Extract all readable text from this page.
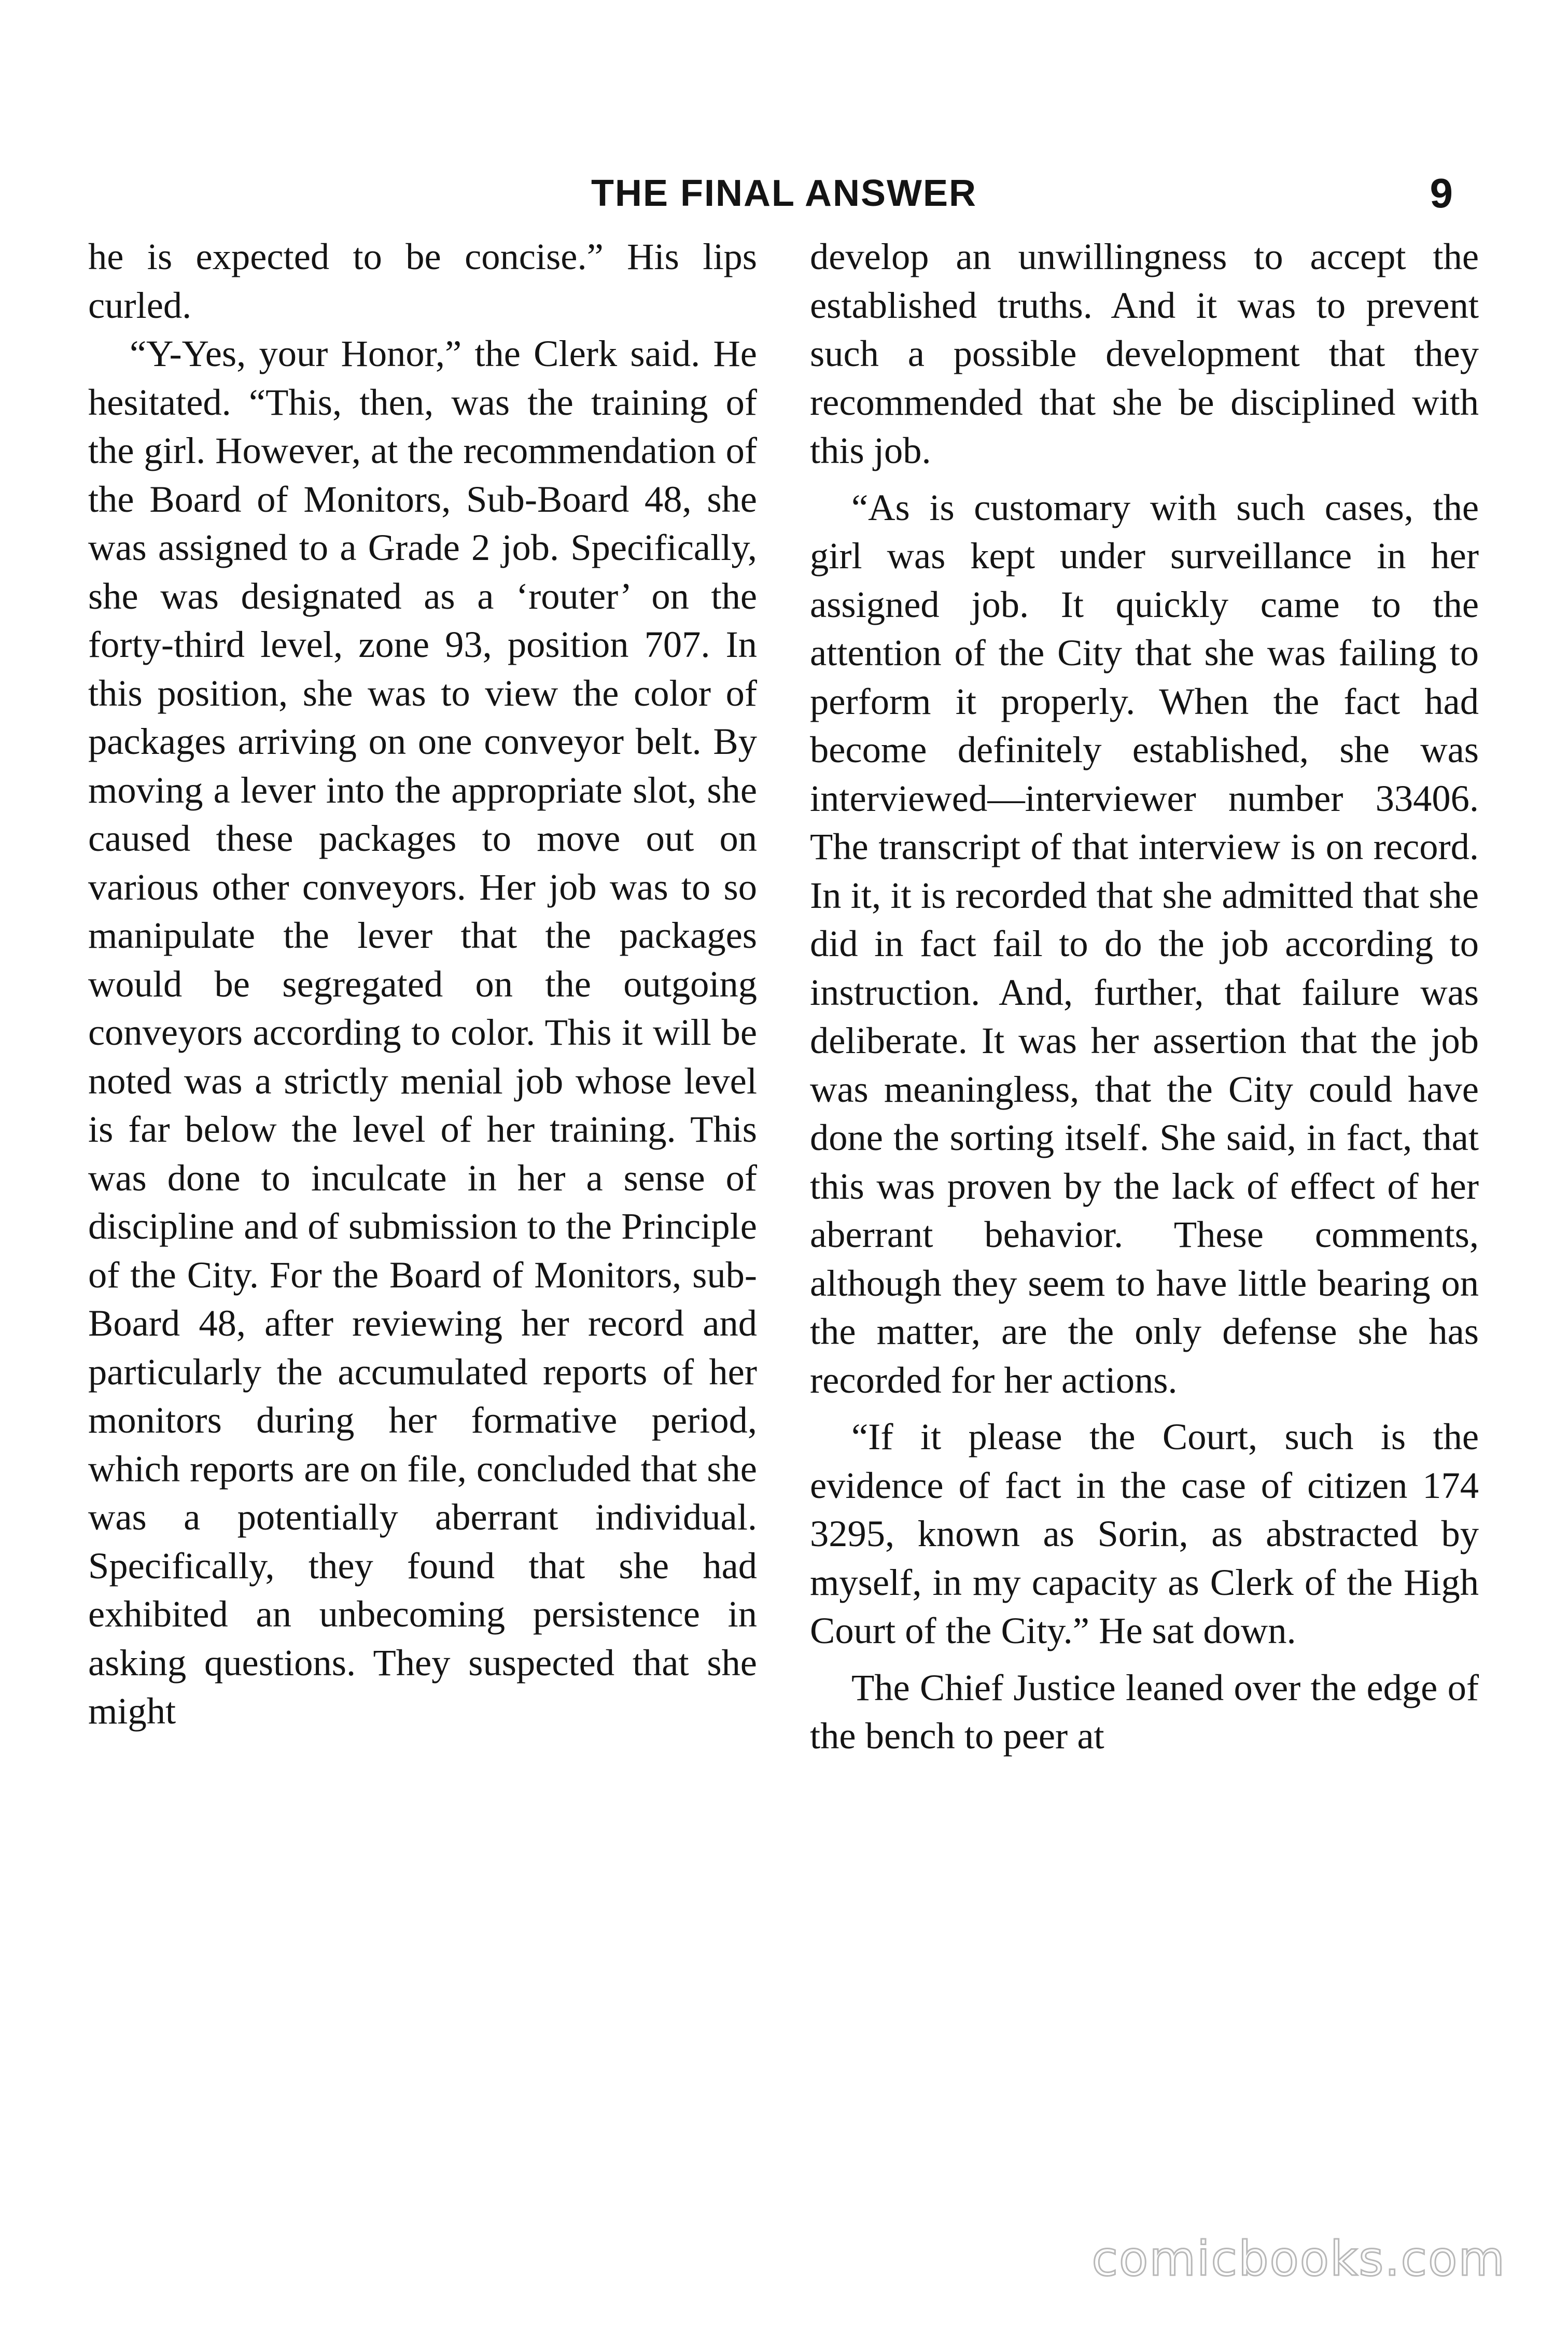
THE FINAL ANSWER	9

he is expected to be concise.” His lips curled.

“Y-Yes, your Honor,” the Clerk said. He hesitated. “This, then, was the training of the girl. However, at the recommendation of the Board of Monitors, Sub-Board 48, she was assigned to a Grade 2 job. Specifically, she was designated as a ‘router’ on the forty-third level, zone 93, position 707. In this position, she was to view the color of packages arriving on one conveyor belt. By moving a lever into the appropriate slot, she caused these packages to move out on various other conveyors. Her job was to so manipulate the lever that the packages would be segregated on the outgoing conveyors according to color. This it will be noted was a strictly menial job whose level is far below the level of her training. This was done to inculcate in her a sense of discipline and of submission to the Principle of the City. For the Board of Monitors, sub-Board 48, after reviewing her record and particularly the accumulated reports of her monitors during her formative period, which reports are on file, concluded that she was a potentially aberrant individual. Specifically, they found that she had exhibited an unbecoming persistence in asking questions. They suspected that she might

develop an unwillingness to accept the established truths. And it was to prevent such a possible development that they recommended that she be disciplined with this job.

“As is customary with such cases, the girl was kept under surveillance in her assigned job. It quickly came to the attention of the City that she was failing to perform it properly. When the fact had become definitely established, she was interviewed—interviewer number 33406. The transcript of that interview is on record. In it, it is recorded that she admitted that she did in fact fail to do the job according to instruction. And, further, that failure was deliberate. It was her assertion that the job was meaningless, that the City could have done the sorting itself. She said, in fact, that this was proven by the lack of effect of her aberrant behavior. These comments, although they seem to have little bearing on the matter, are the only defense she has recorded for her actions.

“If it please the Court, such is the evidence of fact in the case of citizen 174 3295, known as Sorin, as abstracted by myself, in my capacity as Clerk of the High Court of the City.” He sat down.

The Chief Justice leaned over the edge of the bench to peer at

comicbooks.com
